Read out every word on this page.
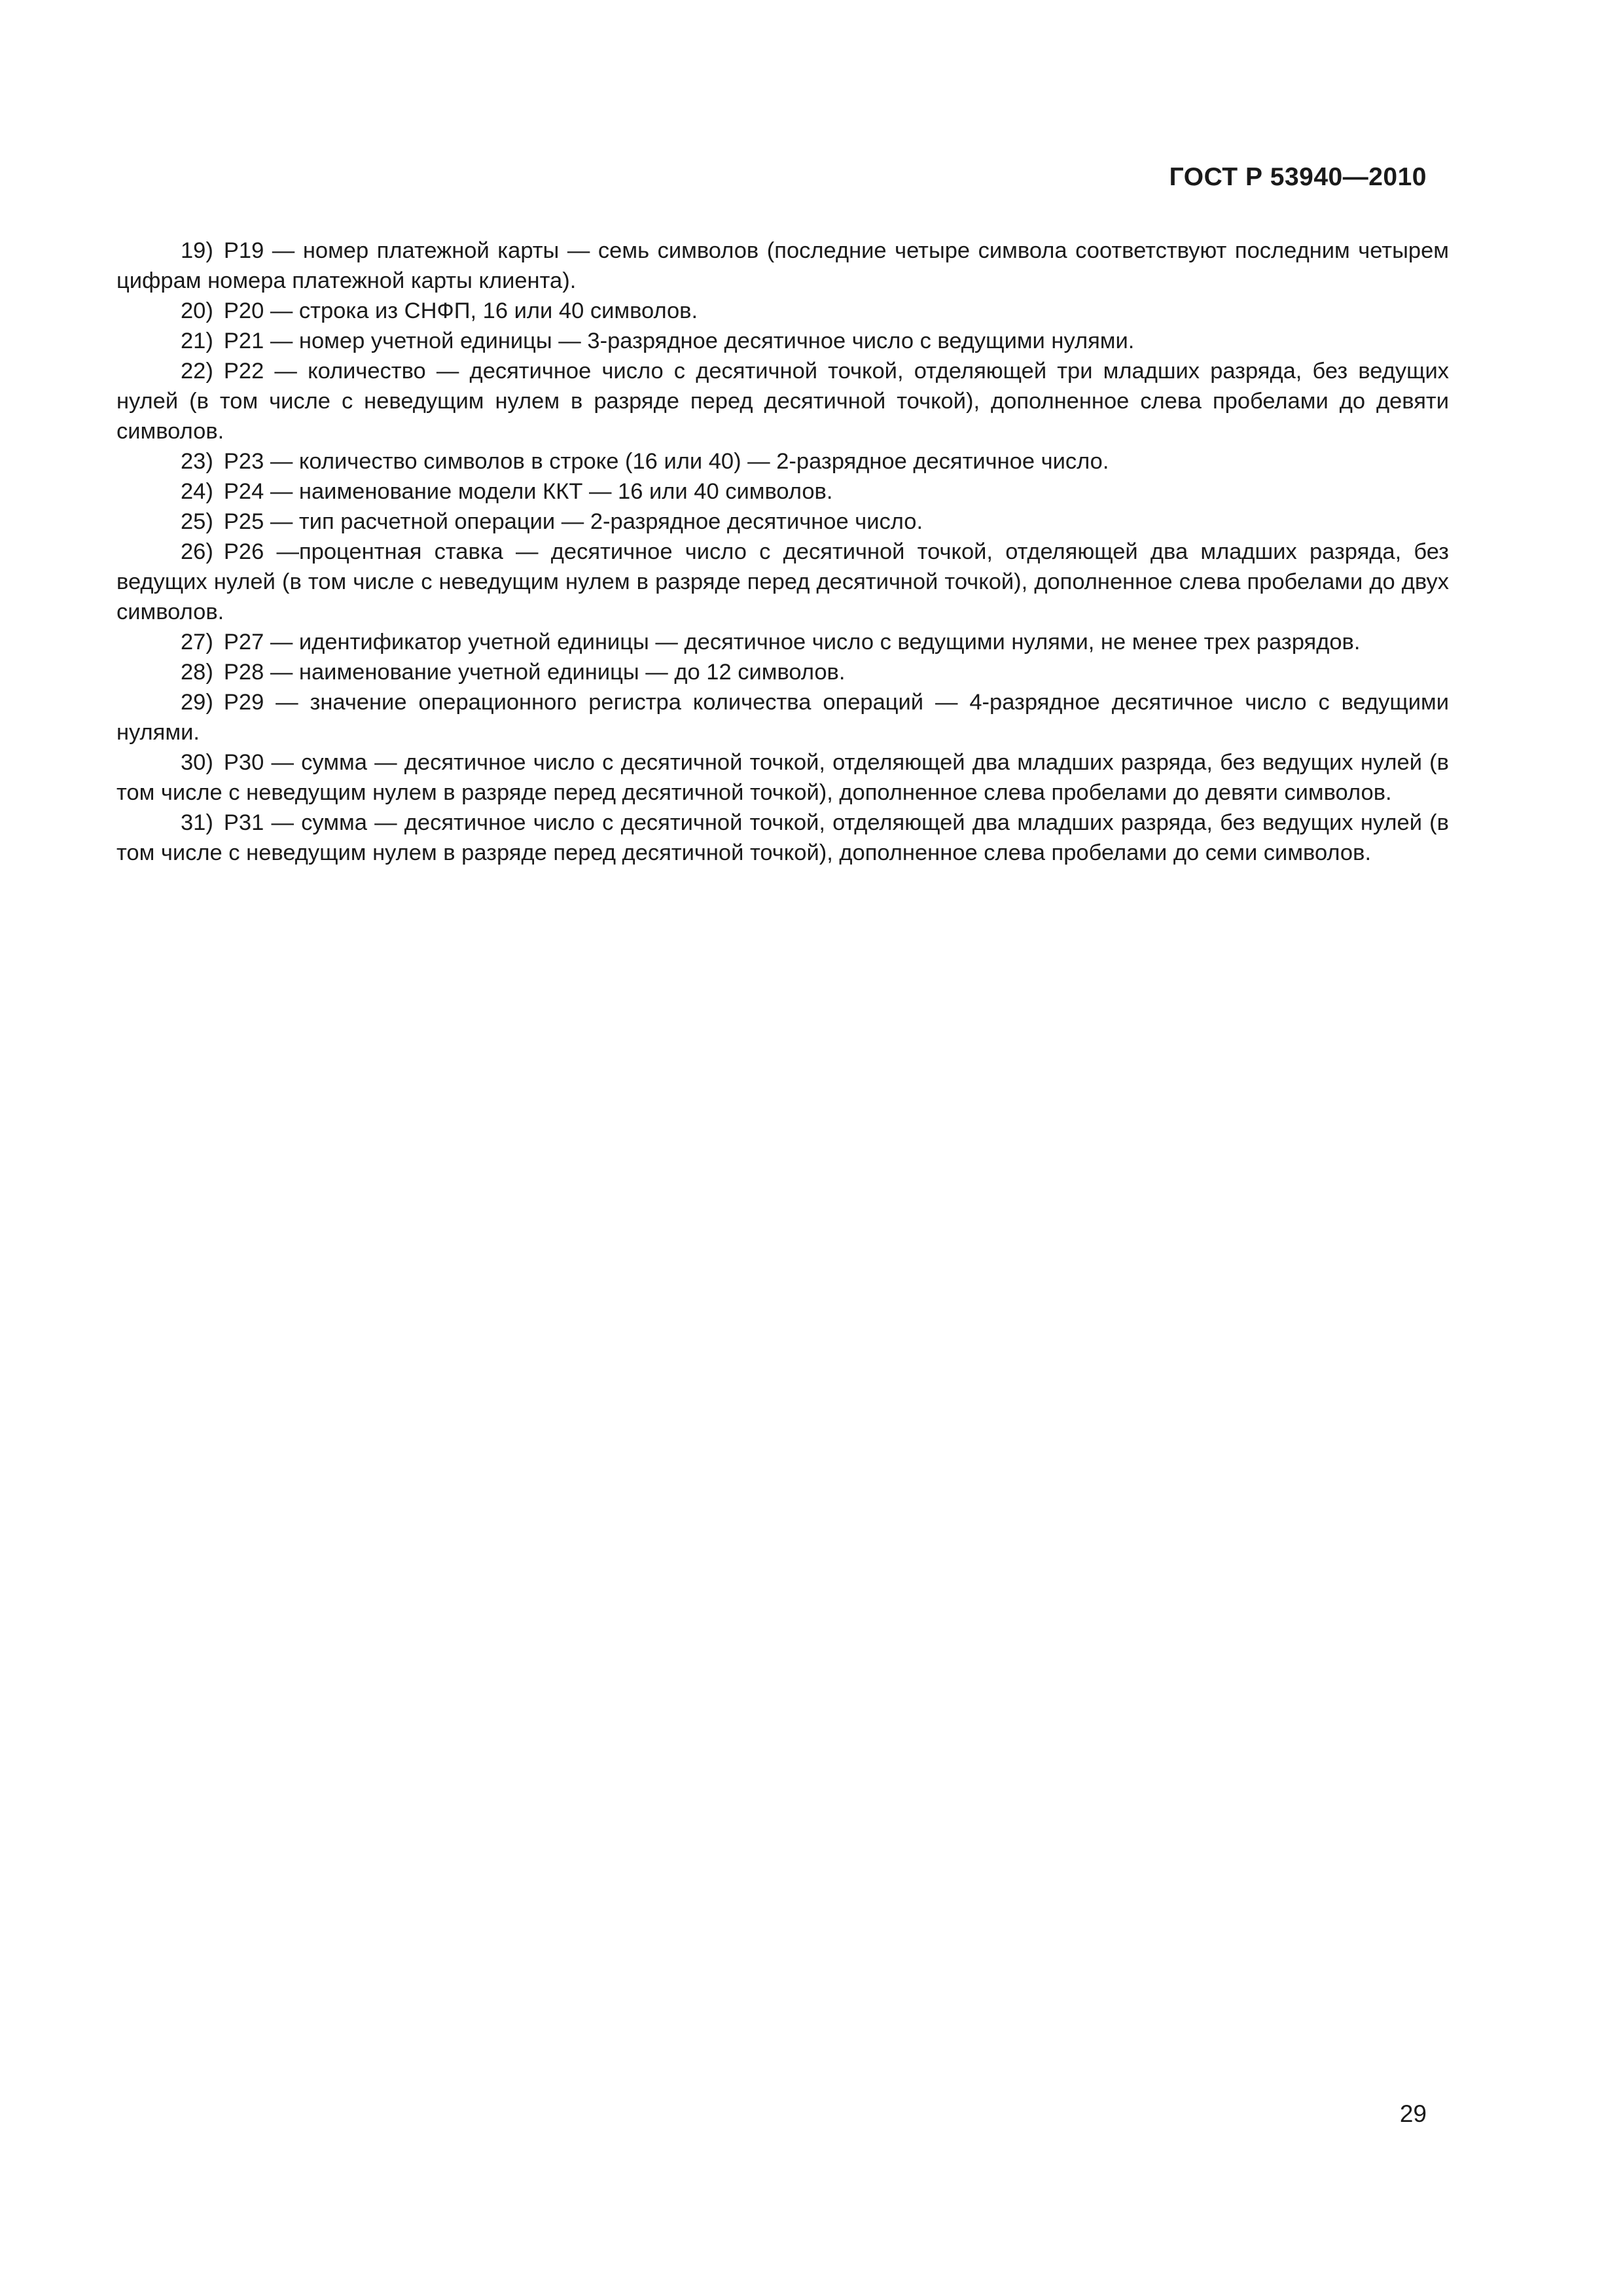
ГОСТ Р 53940—2010

19) Р19 — номер платежной карты — семь символов (последние четыре символа соответствуют последним четырем цифрам номера платежной карты клиента).

20) Р20 — строка из СНФП, 16 или 40 символов.

21) Р21 — номер учетной единицы — 3-разрядное десятичное число с ведущими нулями.

22) Р22 — количество — десятичное число с десятичной точкой, отделяющей три младших разряда, без ведущих нулей (в том числе с неведущим нулем в разряде перед десятичной точкой), дополненное слева пробелами до девяти символов.

23) Р23 — количество символов в строке (16 или 40) — 2-разрядное десятичное число.

24) Р24 — наименование модели ККТ — 16 или 40 символов.

25) Р25 — тип расчетной операции — 2-разрядное десятичное число.

26) Р26 —процентная ставка — десятичное число с десятичной точкой, отделяющей два младших разряда, без ведущих нулей (в том числе с неведущим нулем в разряде перед десятичной точкой), дополненное слева пробелами до двух символов.

27) Р27 — идентификатор учетной единицы — десятичное число с ведущими нулями, не менее трех разрядов.

28) Р28 — наименование учетной единицы — до 12 символов.

29) Р29 — значение операционного регистра количества операций — 4-разрядное десятичное число с ведущими нулями.

30) Р30 — сумма — десятичное число с десятичной точкой, отделяющей два младших разряда, без ведущих нулей (в том числе с неведущим нулем в разряде перед десятичной точкой), дополненное слева пробелами до девяти символов.

31) Р31 — сумма — десятичное число с десятичной точкой, отделяющей два младших разряда, без ведущих нулей (в том числе с неведущим нулем в разряде перед десятичной точкой), дополненное слева пробелами до семи символов.

29
